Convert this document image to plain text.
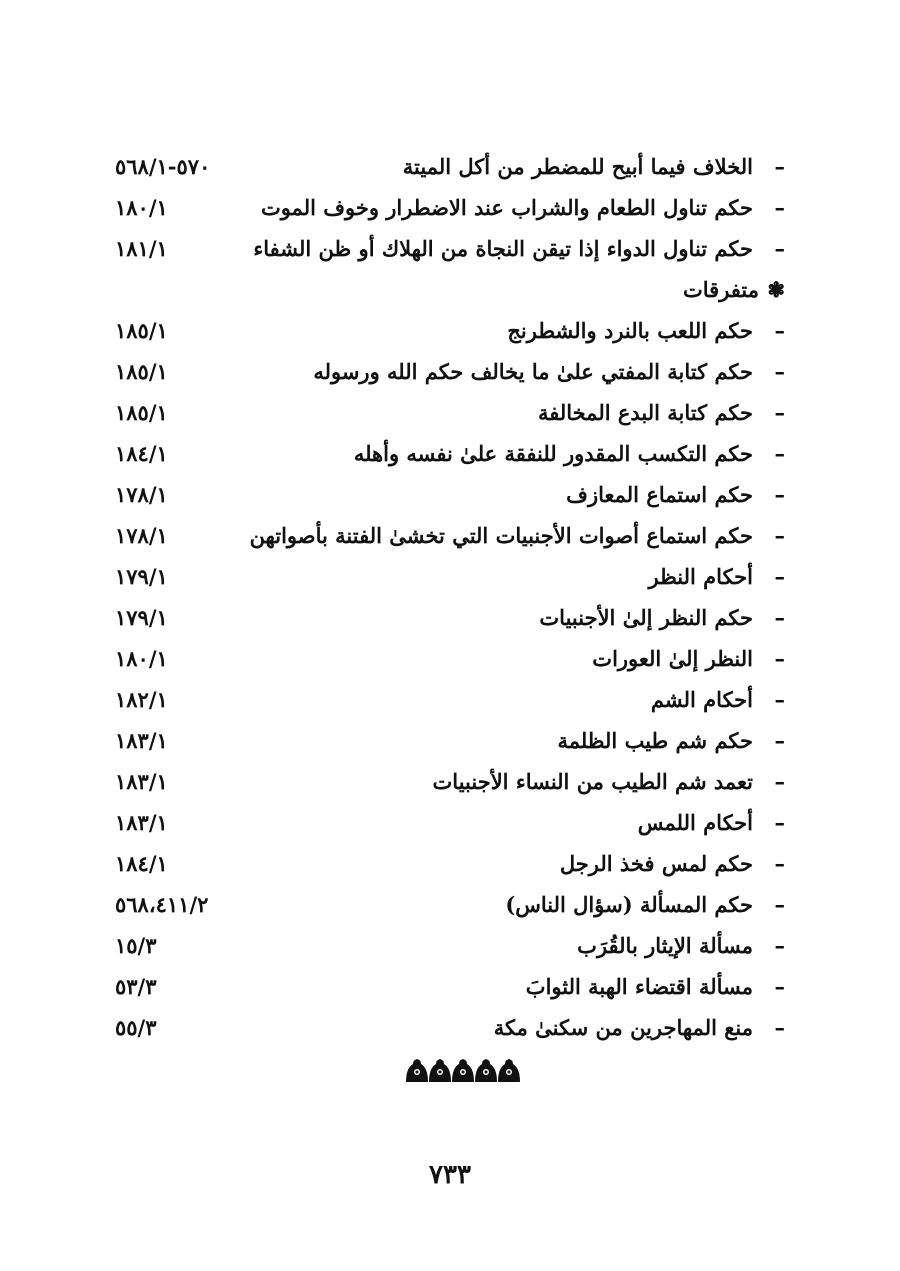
٥٧٠-٥٦٨/١	–الخلاف فيما أبيح للمضطر من أكل الميتة
١٨٠/١	–حكم تناول الطعام والشراب عند الاضطرار وخوف الموت
١٨١/١	–حكم تناول الدواء إذا تيقن النجاة من الهلاك أو ظن الشفاء
❃متفرقات
١٨٥/١	–حكم اللعب بالنرد والشطرنج
١٨٥/١	–حكم كتابة المفتي علىٰ ما يخالف حكم الله ورسوله
١٨٥/١	–حكم كتابة البدع المخالفة
١٨٤/١	–حكم التكسب المقدور للنفقة علىٰ نفسه وأهله
١٧٨/١	–حكم استماع المعازف
١٧٨/١	–حكم استماع أصوات الأجنبيات التي تخشىٰ الفتنة بأصواتهن
١٧٩/١	–أحكام النظر
١٧٩/١	–حكم النظر إلىٰ الأجنبيات
١٨٠/١	–النظر إلىٰ العورات
١٨٢/١	–أحكام الشم
١٨٣/١	–حكم شم طيب الظلمة
١٨٣/١	–تعمد شم الطيب من النساء الأجنبيات
١٨٣/١	–أحكام اللمس
١٨٤/١	–حكم لمس فخذ الرجل
٥٦٨،٤١١/٢	–حكم المسألة (سؤال الناس)
١٥/٣	–مسألة الإيثار بالقُرَب
٥٣/٣	–مسألة اقتضاء الهبة الثوابَ
٥٥/٣	–منع المهاجرين من سكنىٰ مكة
٧٣٣
